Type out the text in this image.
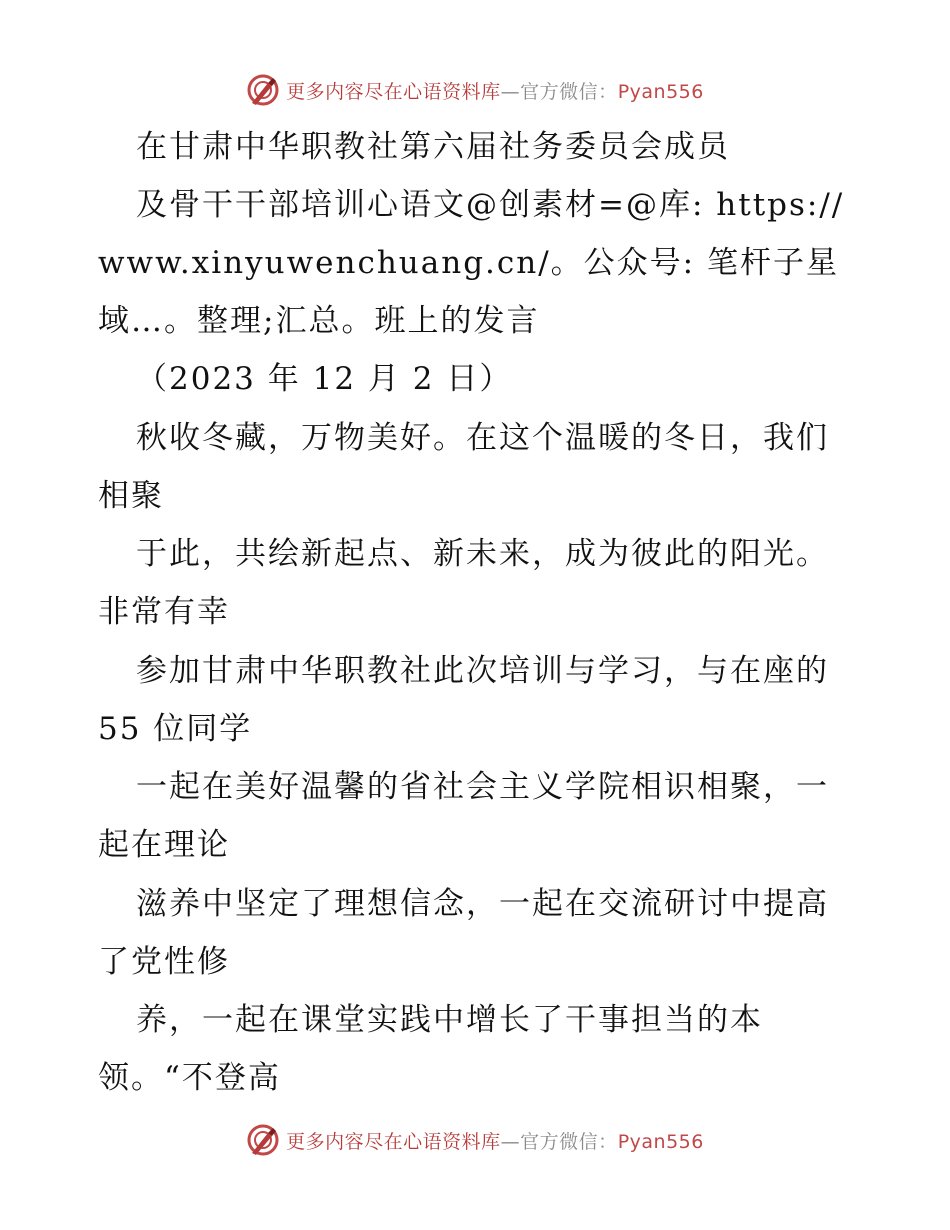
更多内容尽在心语资料库—官方微信：Pyan556
在甘肃中华职教社第六届社务委员会成员
及骨干干部培训心语文@创素材=@库: https://
www.xinyuwenchuang.cn/。公众号: 笔杆子星
域…。整理;汇总。班上的发言
（2023 年 12 月 2 日）
秋收冬藏，万物美好。在这个温暖的冬日，我们
相聚
于此，共绘新起点、新未来，成为彼此的阳光。
非常有幸
参加甘肃中华职教社此次培训与学习，与在座的
55 位同学
一起在美好温馨的省社会主义学院相识相聚，一
起在理论
滋养中坚定了理想信念，一起在交流研讨中提高
了党性修
养，一起在课堂实践中增长了干事担当的本
领。“不登高
更多内容尽在心语资料库—官方微信：Pyan556
